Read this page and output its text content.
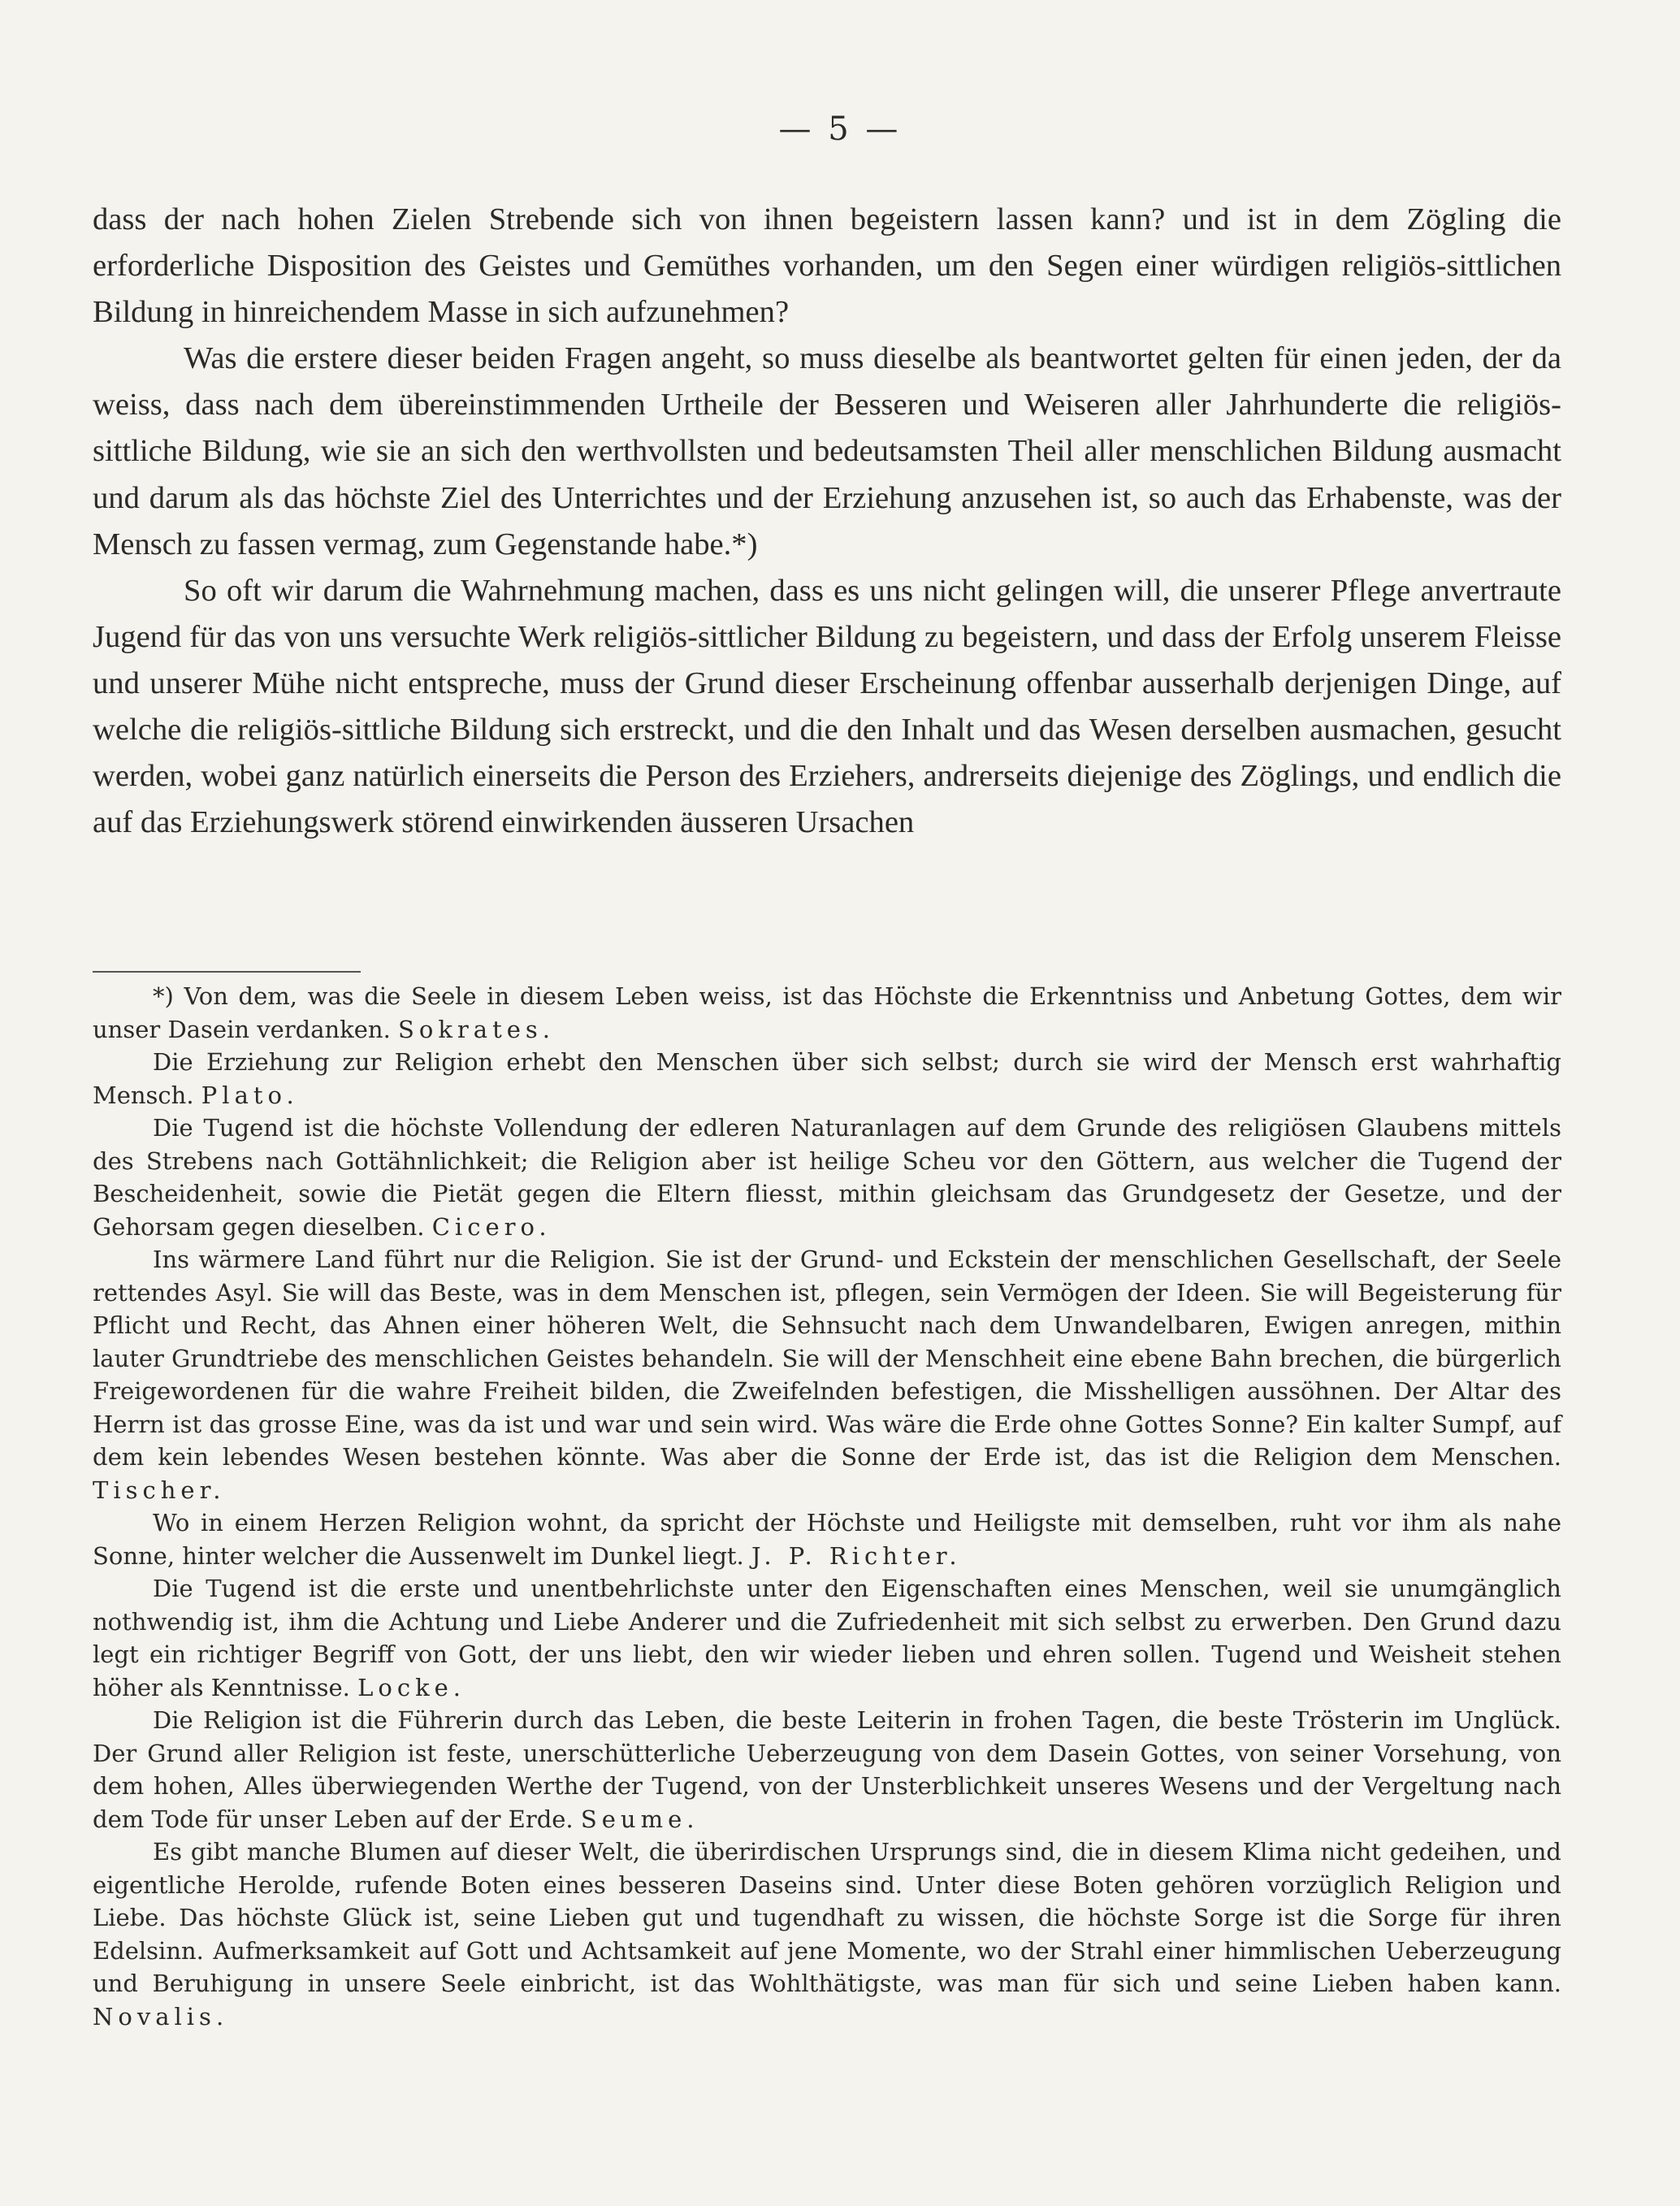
— 5 —

dass der nach hohen Zielen Strebende sich von ihnen begeistern lassen kann? und ist in dem Zögling die erforderliche Disposition des Geistes und Gemüthes vorhanden, um den Segen einer würdigen religiös-sittlichen Bildung in hinreichendem Masse in sich aufzunehmen?

Was die erstere dieser beiden Fragen angeht, so muss dieselbe als beantwortet gelten für einen jeden, der da weiss, dass nach dem übereinstimmenden Urtheile der Besseren und Weiseren aller Jahrhunderte die religiös-sittliche Bildung, wie sie an sich den werthvollsten und bedeutsamsten Theil aller menschlichen Bildung ausmacht und darum als das höchste Ziel des Unterrichtes und der Erziehung anzusehen ist, so auch das Erhabenste, was der Mensch zu fassen vermag, zum Gegenstande habe.*)

So oft wir darum die Wahrnehmung machen, dass es uns nicht gelingen will, die unserer Pflege anvertraute Jugend für das von uns versuchte Werk religiös-sittlicher Bildung zu begeistern, und dass der Erfolg unserem Fleisse und unserer Mühe nicht entspreche, muss der Grund dieser Erscheinung offenbar ausserhalb derjenigen Dinge, auf welche die religiös-sittliche Bildung sich erstreckt, und die den Inhalt und das Wesen derselben ausmachen, gesucht werden, wobei ganz natürlich einerseits die Person des Erziehers, andrerseits diejenige des Zöglings, und endlich die auf das Erziehungswerk störend einwirkenden äusseren Ursachen

*) Von dem, was die Seele in diesem Leben weiss, ist das Höchste die Erkenntniss und Anbetung Gottes, dem wir unser Dasein verdanken. Sokrates.

Die Erziehung zur Religion erhebt den Menschen über sich selbst; durch sie wird der Mensch erst wahrhaftig Mensch. Plato.

Die Tugend ist die höchste Vollendung der edleren Naturanlagen auf dem Grunde des religiösen Glaubens mittels des Strebens nach Gottähnlichkeit; die Religion aber ist heilige Scheu vor den Göttern, aus welcher die Tugend der Bescheidenheit, sowie die Pietät gegen die Eltern fliesst, mithin gleichsam das Grundgesetz der Gesetze, und der Gehorsam gegen dieselben. Cicero.

Ins wärmere Land führt nur die Religion. Sie ist der Grund- und Eckstein der menschlichen Gesellschaft, der Seele rettendes Asyl. Sie will das Beste, was in dem Menschen ist, pflegen, sein Vermögen der Ideen. Sie will Begeisterung für Pflicht und Recht, das Ahnen einer höheren Welt, die Sehnsucht nach dem Unwandelbaren, Ewigen anregen, mithin lauter Grundtriebe des menschlichen Geistes behandeln. Sie will der Menschheit eine ebene Bahn brechen, die bürgerlich Freigewordenen für die wahre Freiheit bilden, die Zweifelnden befestigen, die Misshelligen aussöhnen. Der Altar des Herrn ist das grosse Eine, was da ist und war und sein wird. Was wäre die Erde ohne Gottes Sonne? Ein kalter Sumpf, auf dem kein lebendes Wesen bestehen könnte. Was aber die Sonne der Erde ist, das ist die Religion dem Menschen. Tischer.

Wo in einem Herzen Religion wohnt, da spricht der Höchste und Heiligste mit demselben, ruht vor ihm als nahe Sonne, hinter welcher die Aussenwelt im Dunkel liegt. J. P. Richter.

Die Tugend ist die erste und unentbehrlichste unter den Eigenschaften eines Menschen, weil sie unumgänglich nothwendig ist, ihm die Achtung und Liebe Anderer und die Zufriedenheit mit sich selbst zu erwerben. Den Grund dazu legt ein richtiger Begriff von Gott, der uns liebt, den wir wieder lieben und ehren sollen. Tugend und Weisheit stehen höher als Kenntnisse. Locke.

Die Religion ist die Führerin durch das Leben, die beste Leiterin in frohen Tagen, die beste Trösterin im Unglück. Der Grund aller Religion ist feste, unerschütterliche Ueberzeugung von dem Dasein Gottes, von seiner Vorsehung, von dem hohen, Alles überwiegenden Werthe der Tugend, von der Unsterblichkeit unseres Wesens und der Vergeltung nach dem Tode für unser Leben auf der Erde. Seume.

Es gibt manche Blumen auf dieser Welt, die überirdischen Ursprungs sind, die in diesem Klima nicht gedeihen, und eigentliche Herolde, rufende Boten eines besseren Daseins sind. Unter diese Boten gehören vorzüglich Religion und Liebe. Das höchste Glück ist, seine Lieben gut und tugendhaft zu wissen, die höchste Sorge ist die Sorge für ihren Edelsinn. Aufmerksamkeit auf Gott und Achtsamkeit auf jene Momente, wo der Strahl einer himmlischen Ueberzeugung und Beruhigung in unsere Seele einbricht, ist das Wohlthätigste, was man für sich und seine Lieben haben kann. Novalis.
